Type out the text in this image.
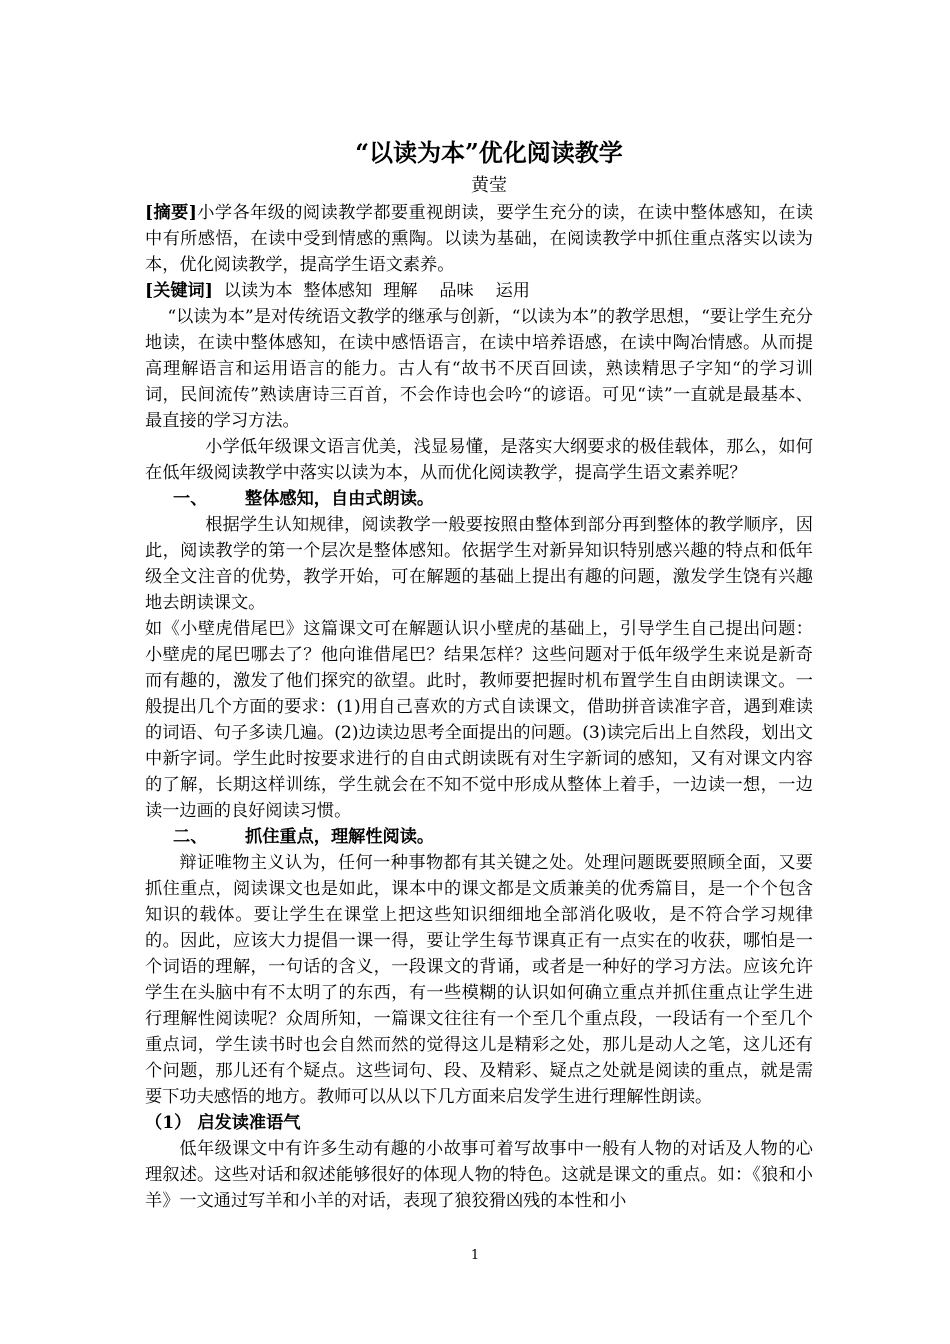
“以读为本”优化阅读教学

黄莹

[摘要]小学各年级的阅读教学都要重视朗读，要学生充分的读，在读中整体感知，在读中有所感悟，在读中受到情感的熏陶。以读为基础，在阅读教学中抓住重点落实以读为本，优化阅读教学，提高学生语文素养。

[关键词]  以读为本  整体感知  理解    品味    运用

“以读为本”是对传统语文教学的继承与创新，“以读为本”的教学思想，“要让学生充分地读，在读中整体感知，在读中感悟语言，在读中培养语感，在读中陶冶情感。从而提高理解语言和运用语言的能力。古人有“故书不厌百回读，熟读精思子字知“的学习训词，民间流传”熟读唐诗三百首，不会作诗也会吟“的谚语。可见“读”一直就是最基本、最直接的学习方法。

小学低年级课文语言优美，浅显易懂，是落实大纲要求的极佳载体，那么，如何在低年级阅读教学中落实以读为本，从而优化阅读教学，提高学生语文素养呢？

一、 整体感知，自由式朗读。

根据学生认知规律，阅读教学一般要按照由整体到部分再到整体的教学顺序，因此，阅读教学的第一个层次是整体感知。依据学生对新异知识特别感兴趣的特点和低年级全文注音的优势，教学开始，可在解题的基础上提出有趣的问题，激发学生饶有兴趣地去朗读课文。

如《小壁虎借尾巴》这篇课文可在解题认识小壁虎的基础上，引导学生自己提出问题：小壁虎的尾巴哪去了？他向谁借尾巴？结果怎样？这些问题对于低年级学生来说是新奇而有趣的，激发了他们探究的欲望。此时，教师要把握时机布置学生自由朗读课文。一般提出几个方面的要求：(1)用自己喜欢的方式自读课文，借助拼音读准字音，遇到难读的词语、句子多读几遍。(2)边读边思考全面提出的问题。(3)读完后出上自然段，划出文中新字词。学生此时按要求进行的自由式朗读既有对生字新词的感知，又有对课文内容的了解，长期这样训练，学生就会在不知不觉中形成从整体上着手，一边读一想，一边读一边画的良好阅读习惯。

二、 抓住重点，理解性阅读。

辩证唯物主义认为，任何一种事物都有其关键之处。处理问题既要照顾全面，又要抓住重点，阅读课文也是如此，课本中的课文都是文质兼美的优秀篇目，是一个个包含知识的载体。要让学生在课堂上把这些知识细细地全部消化吸收，是不符合学习规律的。因此，应该大力提倡一课一得，要让学生每节课真正有一点实在的收获，哪怕是一个词语的理解，一句话的含义，一段课文的背诵，或者是一种好的学习方法。应该允许学生在头脑中有不太明了的东西，有一些模糊的认识如何确立重点并抓住重点让学生进行理解性阅读呢？众周所知，一篇课文往往有一个至几个重点段，一段话有一个至几个重点词，学生读书时也会自然而然的觉得这儿是精彩之处，那儿是动人之笔，这儿还有个问题，那儿还有个疑点。这些词句、段、及精彩、疑点之处就是阅读的重点，就是需要下功夫感悟的地方。教师可以从以下几方面来启发学生进行理解性朗读。

（1） 启发读准语气

低年级课文中有许多生动有趣的小故事可着写故事中一般有人物的对话及人物的心理叙述。这些对话和叙述能够很好的体现人物的特色。这就是课文的重点。如：《狼和小羊》一文通过写羊和小羊的对话，表现了狼狡猾凶残的本性和小

1
